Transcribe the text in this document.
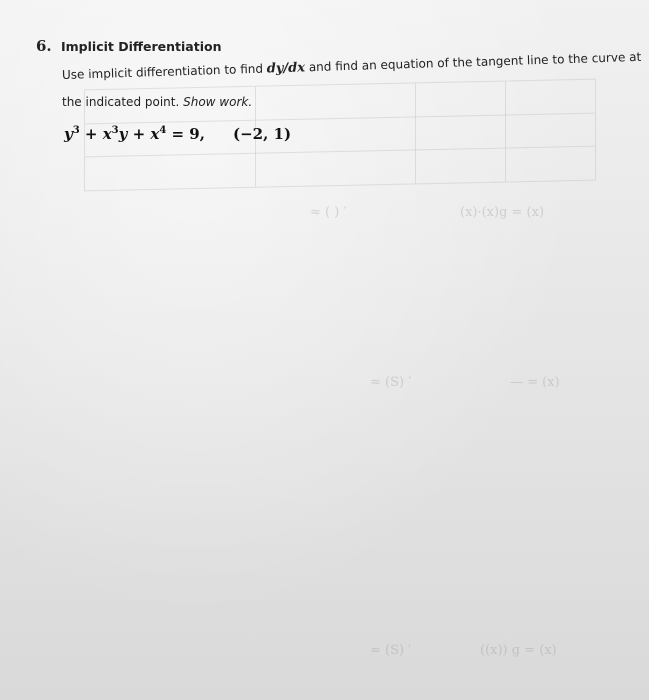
≈ ( ) ′	(x)·(x)g = (x)
≈ (S) ′	— = (x)
≈ (S) ′	((x)) g = (x)
6. Implicit Differentiation
Use implicit differentiation to find dy/dx and find an equation of the tangent line to the curve at
the indicated point. Show work.
$y^3 + x^3y + x^4 = 9$, (−2, 1)
